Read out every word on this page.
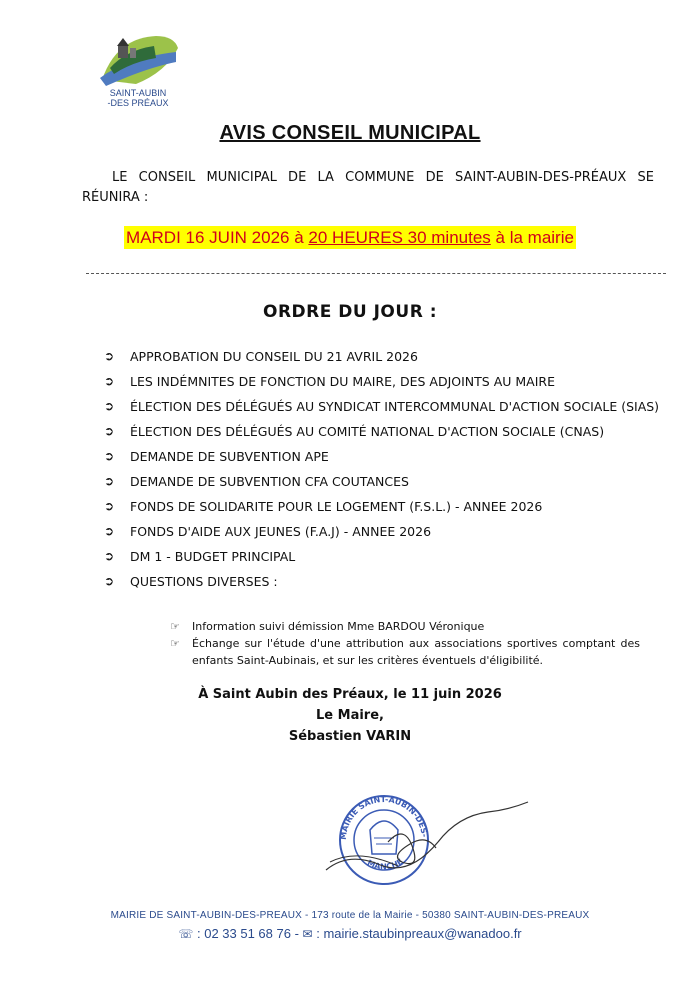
SAINT-AUBIN
-DES PRÉAUX
AVIS CONSEIL MUNICIPAL
LE CONSEIL MUNICIPAL DE LA COMMUNE DE SAINT-AUBIN-DES-PRÉAUX SE RÉUNIRA :
MARDI 16 JUIN 2026 à 20 HEURES 30 minutes à la mairie
ORDRE DU JOUR :
➲ APPROBATION DU CONSEIL DU 21 AVRIL 2026
➲ LES INDÉMNITES DE FONCTION DU MAIRE, DES ADJOINTS AU MAIRE
➲ ÉLECTION DES DÉLÉGUÉS AU SYNDICAT INTERCOMMUNAL D'ACTION SOCIALE (SIAS)
➲ ÉLECTION DES DÉLÉGUÉS AU COMITÉ NATIONAL D'ACTION SOCIALE (CNAS)
➲ DEMANDE DE SUBVENTION APE
➲ DEMANDE DE SUBVENTION CFA COUTANCES
➲ FONDS DE SOLIDARITE POUR LE LOGEMENT (F.S.L.) - ANNEE 2026
➲ FONDS D'AIDE AUX JEUNES (F.A.J) - ANNEE 2026
➲ DM 1 - BUDGET PRINCIPAL
➲ QUESTIONS DIVERSES :
☞ Information suivi démission Mme BARDOU Véronique
☞ Échange sur l'étude d'une attribution aux associations sportives comptant des enfants Saint-Aubinais, et sur les critères éventuels d'éligibilité.
À Saint Aubin des Préaux, le 11 juin 2026
Le Maire,
Sébastien VARIN
MAIRIE SAINT-AUBIN-DES-
MANCHE
MAIRIE DE SAINT-AUBIN-DES-PREAUX - 173 route de la Mairie - 50380 SAINT-AUBIN-DES-PREAUX
☏ : 02 33 51 68 76 - ✉ : mairie.staubinpreaux@wanadoo.fr
